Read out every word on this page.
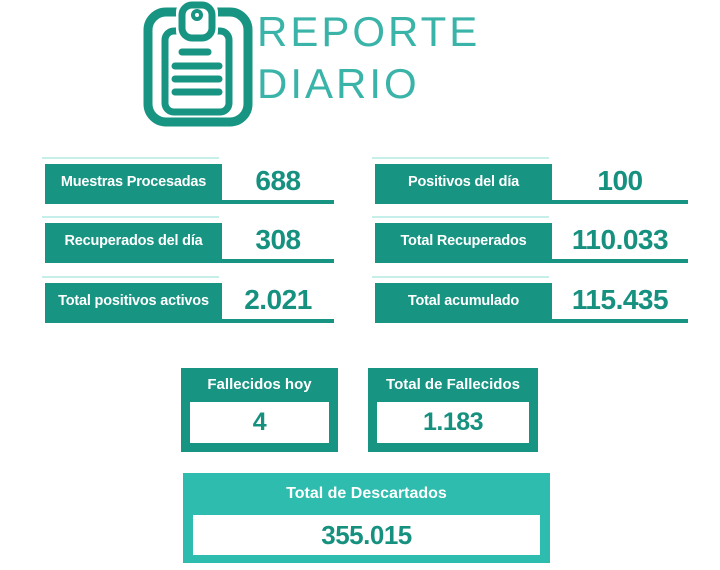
REPORTE
DIARIO
Muestras Procesadas	688
Recuperados del día	308
Total positivos activos	2.021
Positivos del día	100
Total Recuperados	110.033
Total acumulado	115.435
Fallecidos hoy
4
Total de Fallecidos
1.183
Total de Descartados
355.015
